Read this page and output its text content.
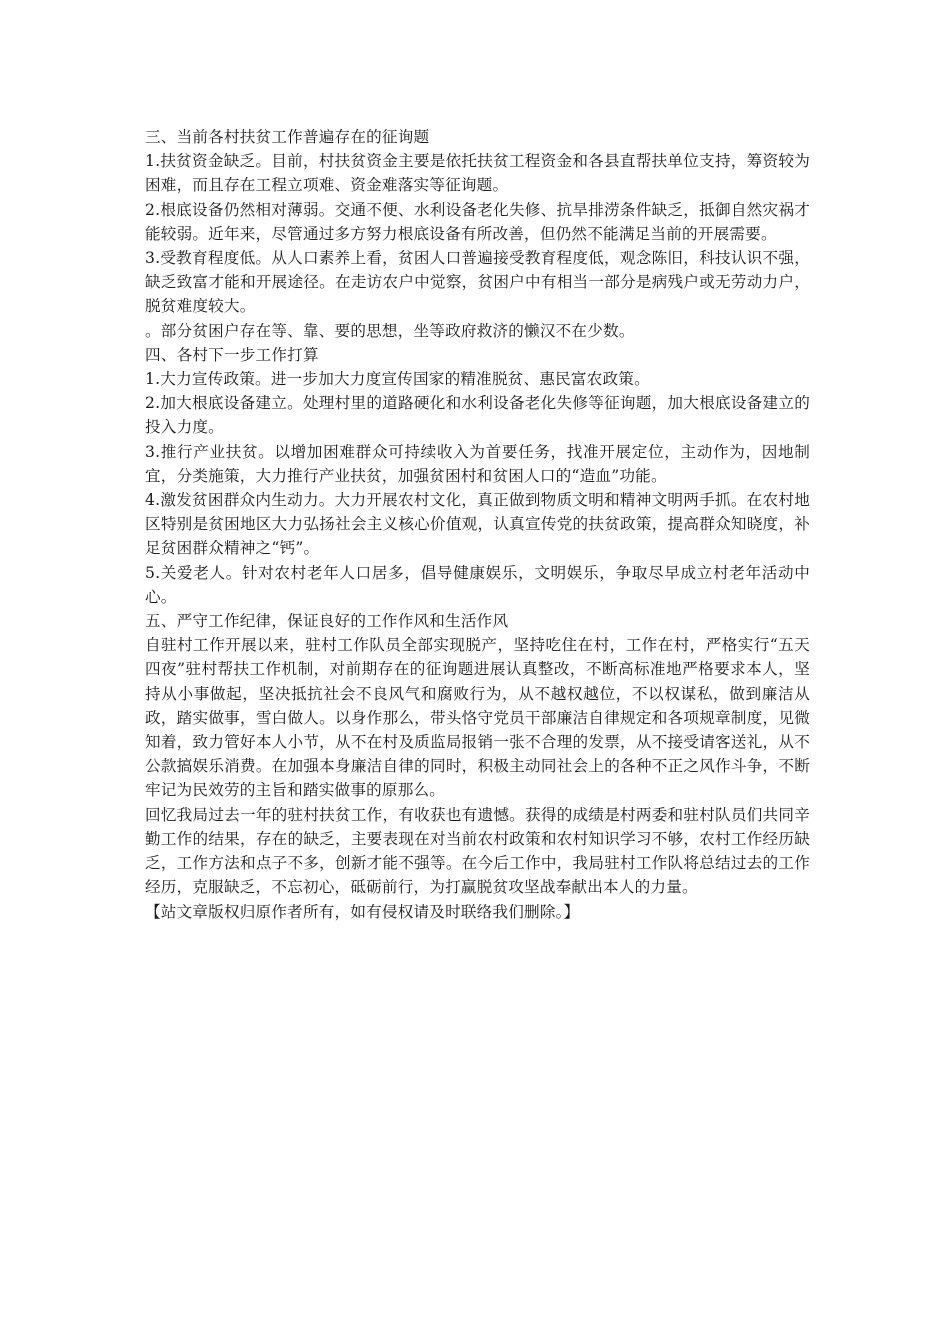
三、当前各村扶贫工作普遍存在的征询题

1.扶贫资金缺乏。目前，村扶贫资金主要是依托扶贫工程资金和各县直帮扶单位支持，筹资较为困难，而且存在工程立项难、资金难落实等征询题。

2.根底设备仍然相对薄弱。交通不便、水利设备老化失修、抗旱排涝条件缺乏，抵御自然灾祸才能较弱。近年来，尽管通过多方努力根底设备有所改善，但仍然不能满足当前的开展需要。

3.受教育程度低。从人口素养上看，贫困人口普遍接受教育程度低，观念陈旧，科技认识不强，缺乏致富才能和开展途径。在走访农户中觉察，贫困户中有相当一部分是病残户或无劳动力户，脱贫难度较大。

。部分贫困户存在等、靠、要的思想，坐等政府救济的懒汉不在少数。

四、各村下一步工作打算

1.大力宣传政策。进一步加大力度宣传国家的精准脱贫、惠民富农政策。

2.加大根底设备建立。处理村里的道路硬化和水利设备老化失修等征询题，加大根底设备建立的投入力度。

3.推行产业扶贫。以增加困难群众可持续收入为首要任务，找准开展定位，主动作为，因地制宜，分类施策，大力推行产业扶贫，加强贫困村和贫困人口的“造血”功能。

4.激发贫困群众内生动力。大力开展农村文化，真正做到物质文明和精神文明两手抓。在农村地区特别是贫困地区大力弘扬社会主义核心价值观，认真宣传党的扶贫政策，提高群众知晓度，补足贫困群众精神之“钙”。

5.关爱老人。针对农村老年人口居多，倡导健康娱乐，文明娱乐，争取尽早成立村老年活动中心。

五、严守工作纪律，保证良好的工作作风和生活作风

自驻村工作开展以来，驻村工作队员全部实现脱产，坚持吃住在村，工作在村，严格实行“五天四夜”驻村帮扶工作机制，对前期存在的征询题进展认真整改，不断高标准地严格要求本人，坚持从小事做起，坚决抵抗社会不良风气和腐败行为，从不越权越位，不以权谋私，做到廉洁从政，踏实做事，雪白做人。以身作那么，带头恪守党员干部廉洁自律规定和各项规章制度，见微知着，致力管好本人小节，从不在村及质监局报销一张不合理的发票，从不接受请客送礼，从不公款搞娱乐消费。在加强本身廉洁自律的同时，积极主动同社会上的各种不正之风作斗争，不断牢记为民效劳的主旨和踏实做事的原那么。

回忆我局过去一年的驻村扶贫工作，有收获也有遗憾。获得的成绩是村两委和驻村队员们共同辛勤工作的结果，存在的缺乏，主要表现在对当前农村政策和农村知识学习不够，农村工作经历缺乏，工作方法和点子不多，创新才能不强等。在今后工作中，我局驻村工作队将总结过去的工作经历，克服缺乏，不忘初心，砥砺前行，为打赢脱贫攻坚战奉献出本人的力量。

【站文章版权归原作者所有，如有侵权请及时联络我们删除。】
